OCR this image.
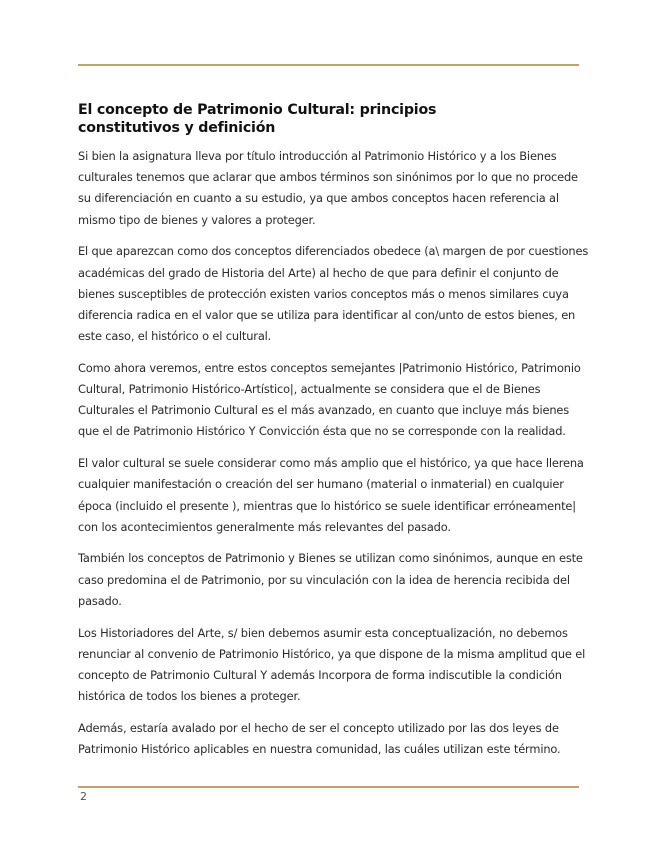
El concepto de Patrimonio Cultural: principios
constitutivos y definición

Si bien la asignatura lleva por título introducción al Patrimonio Histórico y a los Bienes
culturales tenemos que aclarar que ambos términos son sinónimos por lo que no procede
su diferenciación en cuanto a su estudio, ya que ambos conceptos hacen referencia al
mismo tipo de bienes y valores a proteger.

El que aparezcan como dos conceptos diferenciados obedece (a\ margen de por cuestiones
académicas del grado de Historia del Arte) al hecho de que para definir el conjunto de
bienes susceptibles de protección existen varios conceptos más o menos similares cuya
diferencia radica en el valor que se utiliza para identificar al con/unto de estos bienes, en
este caso, el histórico o el cultural.

Como ahora veremos, entre estos conceptos semejantes |Patrimonio Histórico, Patrimonio
Cultural, Patrimonio Histórico-Artístico|, actualmente se considera que el de Bienes
Culturales el Patrimonio Cultural es el más avanzado, en cuanto que incluye más bienes
que el de Patrimonio Histórico Y Convicción ésta que no se corresponde con la realidad.

El valor cultural se suele considerar como más amplio que el histórico, ya que hace llerena
cualquier manifestación o creación del ser humano (material o inmaterial) en cualquier
época (incluido el presente ), mientras que lo histórico se suele identificar erróneamente|
con los acontecimientos generalmente más relevantes del pasado.

También los conceptos de Patrimonio y Bienes se utilizan como sinónimos, aunque en este
caso predomina el de Patrimonio, por su vinculación con la idea de herencia recibida del
pasado.

Los Historiadores del Arte, s/ bien debemos asumir esta conceptualización, no debemos
renunciar al convenio de Patrimonio Histórico, ya que dispone de la misma amplitud que el
concepto de Patrimonio Cultural Y además Incorpora de forma indiscutible la condición
histórica de todos los bienes a proteger.

Además, estaría avalado por el hecho de ser el concepto utilizado por las dos leyes de
Patrimonio Histórico aplicables en nuestra comunidad, las cuáles utilizan este término.

2
